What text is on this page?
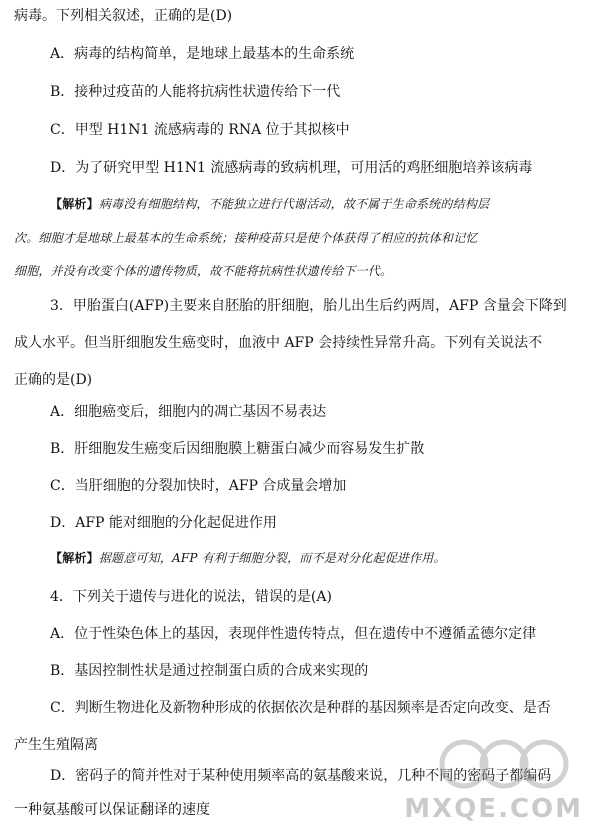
病毒。下列相关叙述，正确的是(D)
A．病毒的结构简单，是地球上最基本的生命系统
B．接种过疫苗的人能将抗病性状遗传给下一代
C．甲型 H1N1 流感病毒的 RNA 位于其拟核中
D．为了研究甲型 H1N1 流感病毒的致病机理，可用活的鸡胚细胞培养该病毒
【解析】病毒没有细胞结构，不能独立进行代谢活动，故不属于生命系统的结构层
次。细胞才是地球上最基本的生命系统；接种疫苗只是使个体获得了相应的抗体和记忆
细胞，并没有改变个体的遗传物质，故不能将抗病性状遗传给下一代。
3．甲胎蛋白(AFP)主要来自胚胎的肝细胞，胎儿出生后约两周，AFP 含量会下降到
成人水平。但当肝细胞发生癌变时，血液中 AFP 会持续性异常升高。下列有关说法不
正确的是(D)
A．细胞癌变后，细胞内的凋亡基因不易表达
B．肝细胞发生癌变后因细胞膜上糖蛋白减少而容易发生扩散
C．当肝细胞的分裂加快时，AFP 合成量会增加
D．AFP 能对细胞的分化起促进作用
【解析】据题意可知，AFP 有利于细胞分裂，而不是对分化起促进作用。
4．下列关于遗传与进化的说法，错误的是(A)
A．位于性染色体上的基因，表现伴性遗传特点，但在遗传中不遵循孟德尔定律
B．基因控制性状是通过控制蛋白质的合成来实现的
C．判断生物进化及新物种形成的依据依次是种群的基因频率是否定向改变、是否
产生生殖隔离
D．密码子的简并性对于某种使用频率高的氨基酸来说，几种不同的密码子都编码
一种氨基酸可以保证翻译的速度	MXQE.COM
